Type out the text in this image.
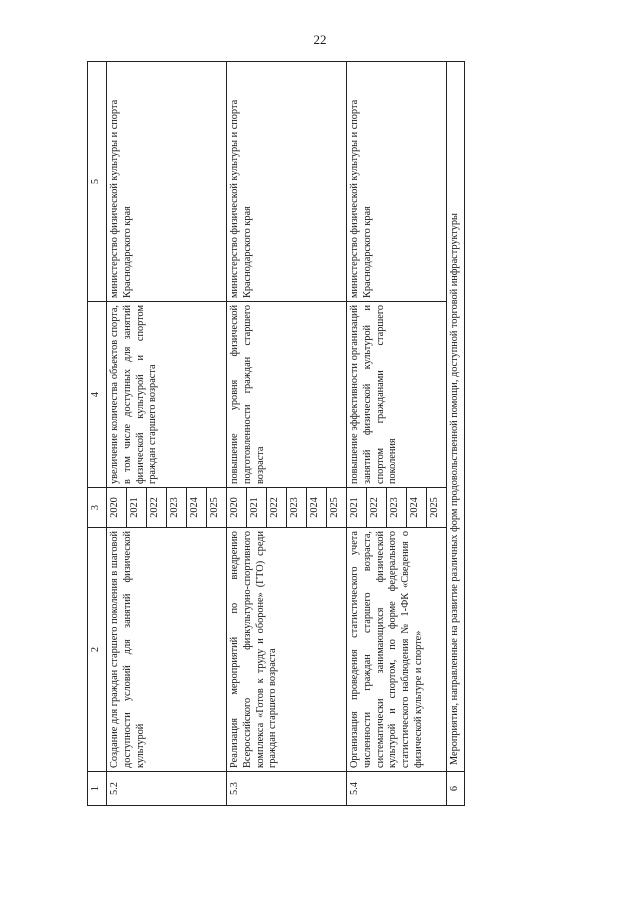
22
1	2	3	4	5
5.2	Создание для граждан старшего поколения в шаговой доступности условий для занятий физической культурой	2020	увеличение количества объектов спорта, в том числе доступных для занятий физической культурой и спортом граждан старшего возраста	министерство физической культуры и спорта Краснодарского края
		2021		
		2022		
		2023		
		2024		
		2025		
5.3	Реализация мероприятий по внедрению Всероссийского физкультурно-спортивного комплекса «Готов к труду и обороне» (ГТО) среди граждан старшего возраста	2020	повышение уровня физической подготовленности граждан старшего возраста	министерство физической культуры и спорта Краснодарского края
		2021		
		2022		
		2023		
		2024		
		2025		
5.4	Организация проведения статистического учета численности граждан старшего возраста, систематически занимающихся физической культурой и спортом, по форме федерального статистического наблюдения № 1-ФК «Сведения о физической культуре и спорте»	2021	повышение эффективности организаций занятий физической культурой и спортом гражданами старшего поколения	министерство физической культуры и спорта Краснодарского края
		2022		
		2023		
		2024		
		2025		
6	Мероприятия, направленные на развитие различных форм продовольственной помощи, доступной торговой инфраструктуры			
